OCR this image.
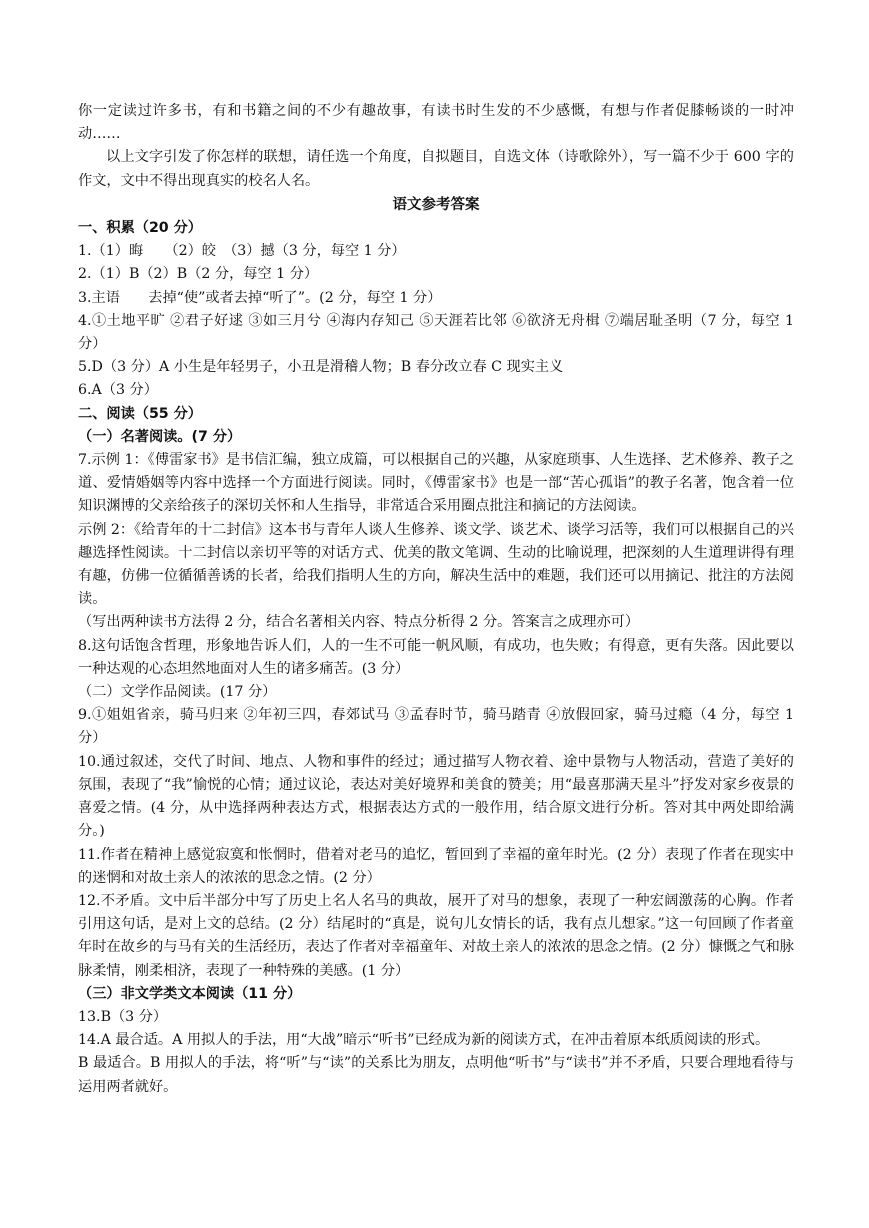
你一定读过许多书，有和书籍之间的不少有趣故事，有读书时生发的不少感慨，有想与作者促膝畅谈的一时冲动……

以上文字引发了你怎样的联想，请任选一个角度，自拟题目，自选文体（诗歌除外），写一篇不少于 600 字的作文，文中不得出现真实的校名人名。

语文参考答案

一、积累（20 分）

1.（1）晦　　（2）皎　（3）撼（3 分，每空 1 分）

2.（1）B（2）B（2 分，每空 1 分）

3.主语　　去掉“使”或者去掉“听了”。(2 分，每空 1 分）

4.①土地平旷 ②君子好逑 ③如三月兮 ④海内存知己 ⑤天涯若比邻 ⑥欲济无舟楫 ⑦端居耻圣明（7 分，每空 1 分）

5.D（3 分）A 小生是年轻男子，小丑是滑稽人物；B 春分改立春 C 现实主义

6.A（3 分）

二、阅读（55 分）

（一）名著阅读。(7 分）

7.示例 1：《傅雷家书》是书信汇编，独立成篇，可以根据自己的兴趣，从家庭琐事、人生选择、艺术修养、教子之道、爱情婚姻等内容中选择一个方面进行阅读。同时，《傅雷家书》也是一部“苦心孤诣”的教子名著，饱含着一位知识渊博的父亲给孩子的深切关怀和人生指导，非常适合采用圈点批注和摘记的方法阅读。

示例 2：《给青年的十二封信》这本书与青年人谈人生修养、谈文学、谈艺术、谈学习活等，我们可以根据自己的兴趣选择性阅读。十二封信以亲切平等的对话方式、优美的散文笔调、生动的比喻说理，把深刻的人生道理讲得有理有趣，仿佛一位循循善诱的长者，给我们指明人生的方向，解决生活中的难题，我们还可以用摘记、批注的方法阅读。

（写出两种读书方法得 2 分，结合名著相关内容、特点分析得 2 分。答案言之成理亦可）

8.这句话饱含哲理，形象地告诉人们，人的一生不可能一帆风顺，有成功，也失败；有得意，更有失落。因此要以一种达观的心态坦然地面对人生的诸多痛苦。(3 分）

（二）文学作品阅读。(17 分）

9.①姐姐省亲，骑马归来 ②年初三四，春郊试马 ③孟春时节，骑马踏青 ④放假回家，骑马过瘾（4 分，每空 1 分）

10.通过叙述，交代了时间、地点、人物和事件的经过；通过描写人物衣着、途中景物与人物活动，营造了美好的氛围，表现了“我”愉悦的心情；通过议论，表达对美好境界和美食的赞美；用“最喜那满天星斗”抒发对家乡夜景的喜爱之情。(4 分，从中选择两种表达方式，根据表达方式的一般作用，结合原文进行分析。答对其中两处即给满分。)

11.作者在精神上感觉寂寞和怅惘时，借着对老马的追忆，暂回到了幸福的童年时光。(2 分）表现了作者在现实中的迷惘和对故土亲人的浓浓的思念之情。(2 分）

12.不矛盾。文中后半部分中写了历史上名人名马的典故，展开了对马的想象，表现了一种宏阔激荡的心胸。作者引用这句话，是对上文的总结。(2 分）结尾时的“真是，说句儿女情长的话，我有点儿想家。”这一句回顾了作者童年时在故乡的与马有关的生活经历，表达了作者对幸福童年、对故土亲人的浓浓的思念之情。(2 分）慷慨之气和脉脉柔情，刚柔相济，表现了一种特殊的美感。(1 分）

（三）非文学类文本阅读（11 分）

13.B（3 分）

14.A 最合适。A 用拟人的手法，用“大战”暗示“听书”已经成为新的阅读方式，在冲击着原本纸质阅读的形式。

B 最适合。B 用拟人的手法，将“听”与“读”的关系比为朋友，点明他“听书”与“读书”并不矛盾，只要合理地看待与运用两者就好。
